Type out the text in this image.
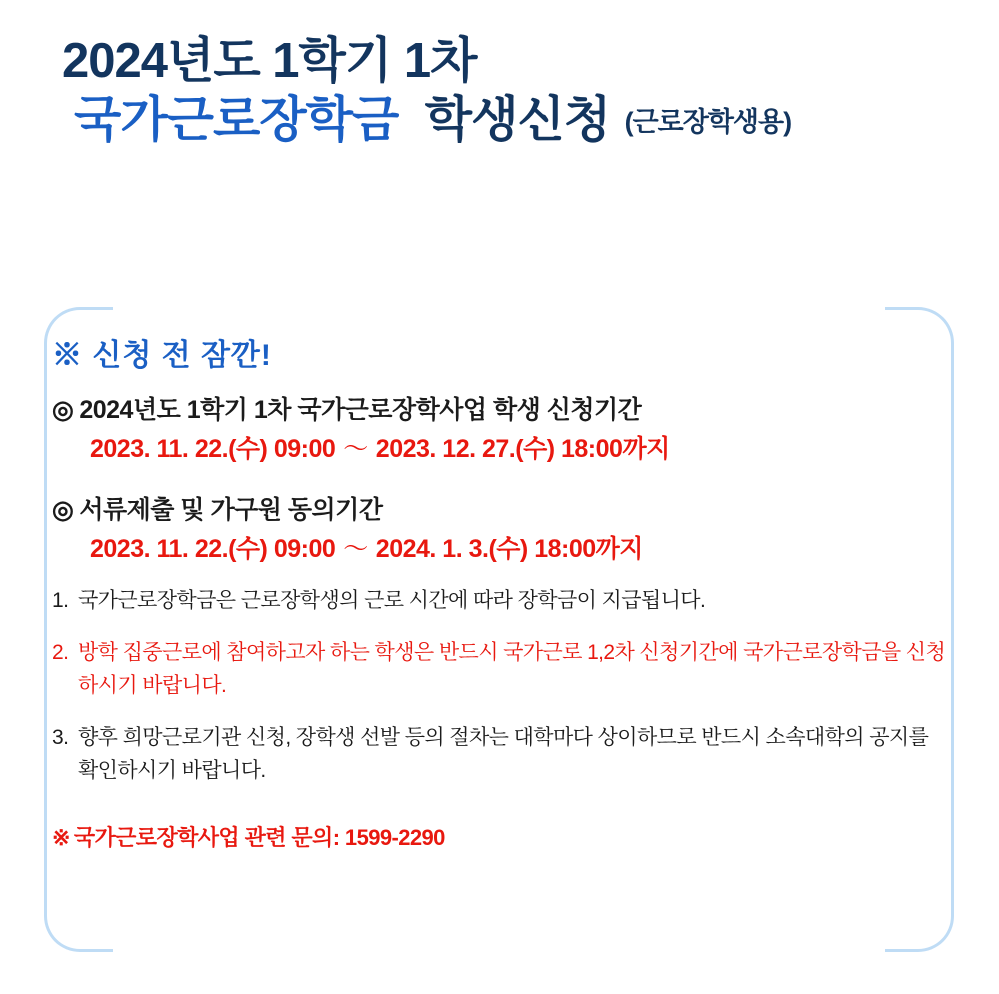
2024년도 1학기 1차
국가근로장학금 학생신청 (근로장학생용)
※ 신청 전 잠깐!
◎ 2024년도 1학기 1차 국가근로장학사업 학생 신청기간
2023. 11. 22.(수) 09:00 ～ 2023. 12. 27.(수) 18:00까지
◎ 서류제출 및 가구원 동의기간
2023. 11. 22.(수) 09:00 ～ 2024. 1. 3.(수) 18:00까지
1. 국가근로장학금은 근로장학생의 근로 시간에 따라 장학금이 지급됩니다.
2. 방학 집중근로에 참여하고자 하는 학생은 반드시 국가근로 1,2차 신청기간에 국가근로장학금을 신청하시기 바랍니다.
3. 향후 희망근로기관 신청, 장학생 선발 등의 절차는 대학마다 상이하므로 반드시 소속대학의 공지를 확인하시기 바랍니다.
※ 국가근로장학사업 관련 문의: 1599-2290
